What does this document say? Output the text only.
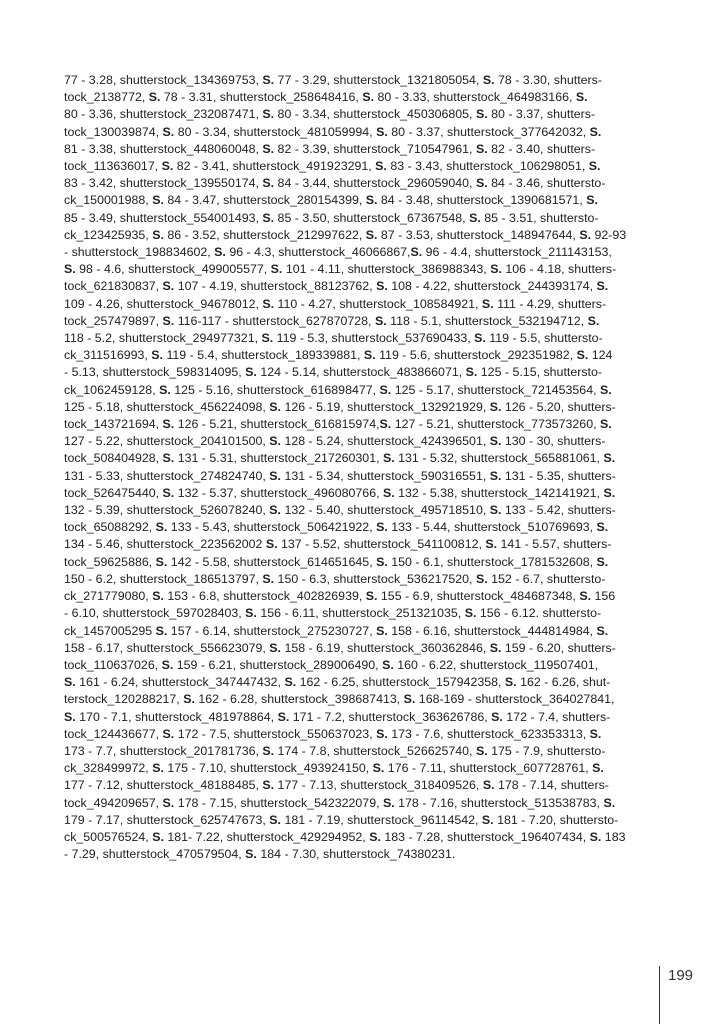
77 - 3.28, shutterstock_134369753, S. 77 - 3.29, shutterstock_1321805054, S. 78 - 3.30, shutters-
tock_2138772, S. 78 - 3.31, shutterstock_258648416, S. 80 - 3.33, shutterstock_464983166, S.
80 - 3.36, shutterstock_232087471, S. 80 - 3.34, shutterstock_450306805, S. 80 - 3.37, shutters-
tock_130039874, S. 80 - 3.34, shutterstock_481059994, S. 80 - 3.37, shutterstock_377642032, S.
81 - 3.38, shutterstock_448060048, S. 82 - 3.39, shutterstock_710547961, S. 82 - 3.40, shutters-
tock_113636017, S. 82 - 3.41, shutterstock_491923291, S. 83 - 3.43, shutterstock_106298051, S.
83 - 3.42, shutterstock_139550174, S. 84 - 3.44, shutterstock_296059040, S. 84 - 3.46, shuttersto-
ck_150001988, S. 84 - 3.47, shutterstock_280154399, S. 84 - 3.48, shutterstock_1390681571, S.
85 - 3.49, shutterstock_554001493, S. 85 - 3.50, shutterstock_67367548, S. 85 - 3.51, shuttersto-
ck_123425935, S. 86 - 3.52, shutterstock_212997622, S. 87 - 3.53, shutterstock_148947644, S. 92-93
- shutterstock_198834602, S. 96 - 4.3, shutterstock_46066867,S. 96 - 4.4, shutterstock_211143153,
S. 98 - 4.6, shutterstock_499005577, S. 101 - 4.11, shutterstock_386988343, S. 106 - 4.18, shutters-
tock_621830837, S. 107 - 4.19, shutterstock_88123762, S. 108 - 4.22, shutterstock_244393174, S.
109 - 4.26, shutterstock_94678012, S. 110 - 4.27, shutterstock_108584921, S. 111 - 4.29, shutters-
tock_257479897, S. 116-117 - shutterstock_627870728, S. 118 - 5.1, shutterstock_532194712, S.
118 - 5.2, shutterstock_294977321, S. 119 - 5.3, shutterstock_537690433, S. 119 - 5.5, shuttersto-
ck_311516993, S. 119 - 5.4, shutterstock_189339881, S. 119 - 5.6, shutterstock_292351982, S. 124
- 5.13, shutterstock_598314095, S. 124 - 5.14, shutterstock_483866071, S. 125 - 5.15, shuttersto-
ck_1062459128, S. 125 - 5.16, shutterstock_616898477, S. 125 - 5.17, shutterstock_721453564, S.
125 - 5.18, shutterstock_456224098, S. 126 - 5.19, shutterstock_132921929, S. 126 - 5.20, shutters-
tock_143721694, S. 126 - 5.21, shutterstock_616815974,S. 127 - 5.21, shutterstock_773573260, S.
127 - 5.22, shutterstock_204101500, S. 128 - 5.24, shutterstock_424396501, S. 130 - 30, shutters-
tock_508404928, S. 131 - 5.31, shutterstock_217260301, S. 131 - 5.32, shutterstock_565881061, S.
131 - 5.33, shutterstock_274824740, S. 131 - 5.34, shutterstock_590316551, S. 131 - 5.35, shutters-
tock_526475440, S. 132 - 5.37, shutterstock_496080766, S. 132 - 5.38, shutterstock_142141921, S.
132 - 5.39, shutterstock_526078240, S. 132 - 5.40, shutterstock_495718510, S. 133 - 5.42, shutters-
tock_65088292, S. 133 - 5.43, shutterstock_506421922, S. 133 - 5.44, shutterstock_510769693, S.
134 - 5.46, shutterstock_223562002 S. 137 - 5.52, shutterstock_541100812, S. 141 - 5.57, shutters-
tock_59625886, S. 142 - 5.58, shutterstock_614651645, S. 150 - 6.1, shutterstock_1781532608, S.
150 - 6.2, shutterstock_186513797, S. 150 - 6.3, shutterstock_536217520, S. 152 - 6.7, shuttersto-
ck_271779080, S. 153 - 6.8, shutterstock_402826939, S. 155 - 6.9, shutterstock_484687348, S. 156
- 6.10, shutterstock_597028403, S. 156 - 6.11, shutterstock_251321035, S. 156 - 6.12. shuttersto-
ck_1457005295 S. 157 - 6.14, shutterstock_275230727, S. 158 - 6.16, shutterstock_444814984, S.
158 - 6.17, shutterstock_556623079, S. 158 - 6.19, shutterstock_360362846, S. 159 - 6.20, shutters-
tock_110637026, S. 159 - 6.21, shutterstock_289006490, S. 160 - 6.22, shutterstock_119507401,
S. 161 - 6.24, shutterstock_347447432, S. 162 - 6.25, shutterstock_157942358, S. 162 - 6.26, shut-
terstock_120288217, S. 162 - 6.28, shutterstock_398687413, S. 168-169 - shutterstock_364027841,
S. 170 - 7.1, shutterstock_481978864, S. 171 - 7.2, shutterstock_363626786, S. 172 - 7.4, shutters-
tock_124436677, S. 172 - 7.5, shutterstock_550637023, S. 173 - 7.6, shutterstock_623353313, S.
173 - 7.7, shutterstock_201781736, S. 174 - 7.8, shutterstock_526625740, S. 175 - 7.9, shuttersto-
ck_328499972, S. 175 - 7.10, shutterstock_493924150, S. 176 - 7.11, shutterstock_607728761, S.
177 - 7.12, shutterstock_48188485, S. 177 - 7.13, shutterstock_318409526, S. 178 - 7.14, shutters-
tock_494209657, S. 178 - 7.15, shutterstock_542322079, S. 178 - 7.16, shutterstock_513538783, S.
179 - 7.17, shutterstock_625747673, S. 181 - 7.19, shutterstock_96114542, S. 181 - 7.20, shuttersto-
ck_500576524, S. 181- 7.22, shutterstock_429294952, S. 183 - 7.28, shutterstock_196407434, S. 183
- 7.29, shutterstock_470579504, S. 184 - 7.30, shutterstock_74380231.
199
